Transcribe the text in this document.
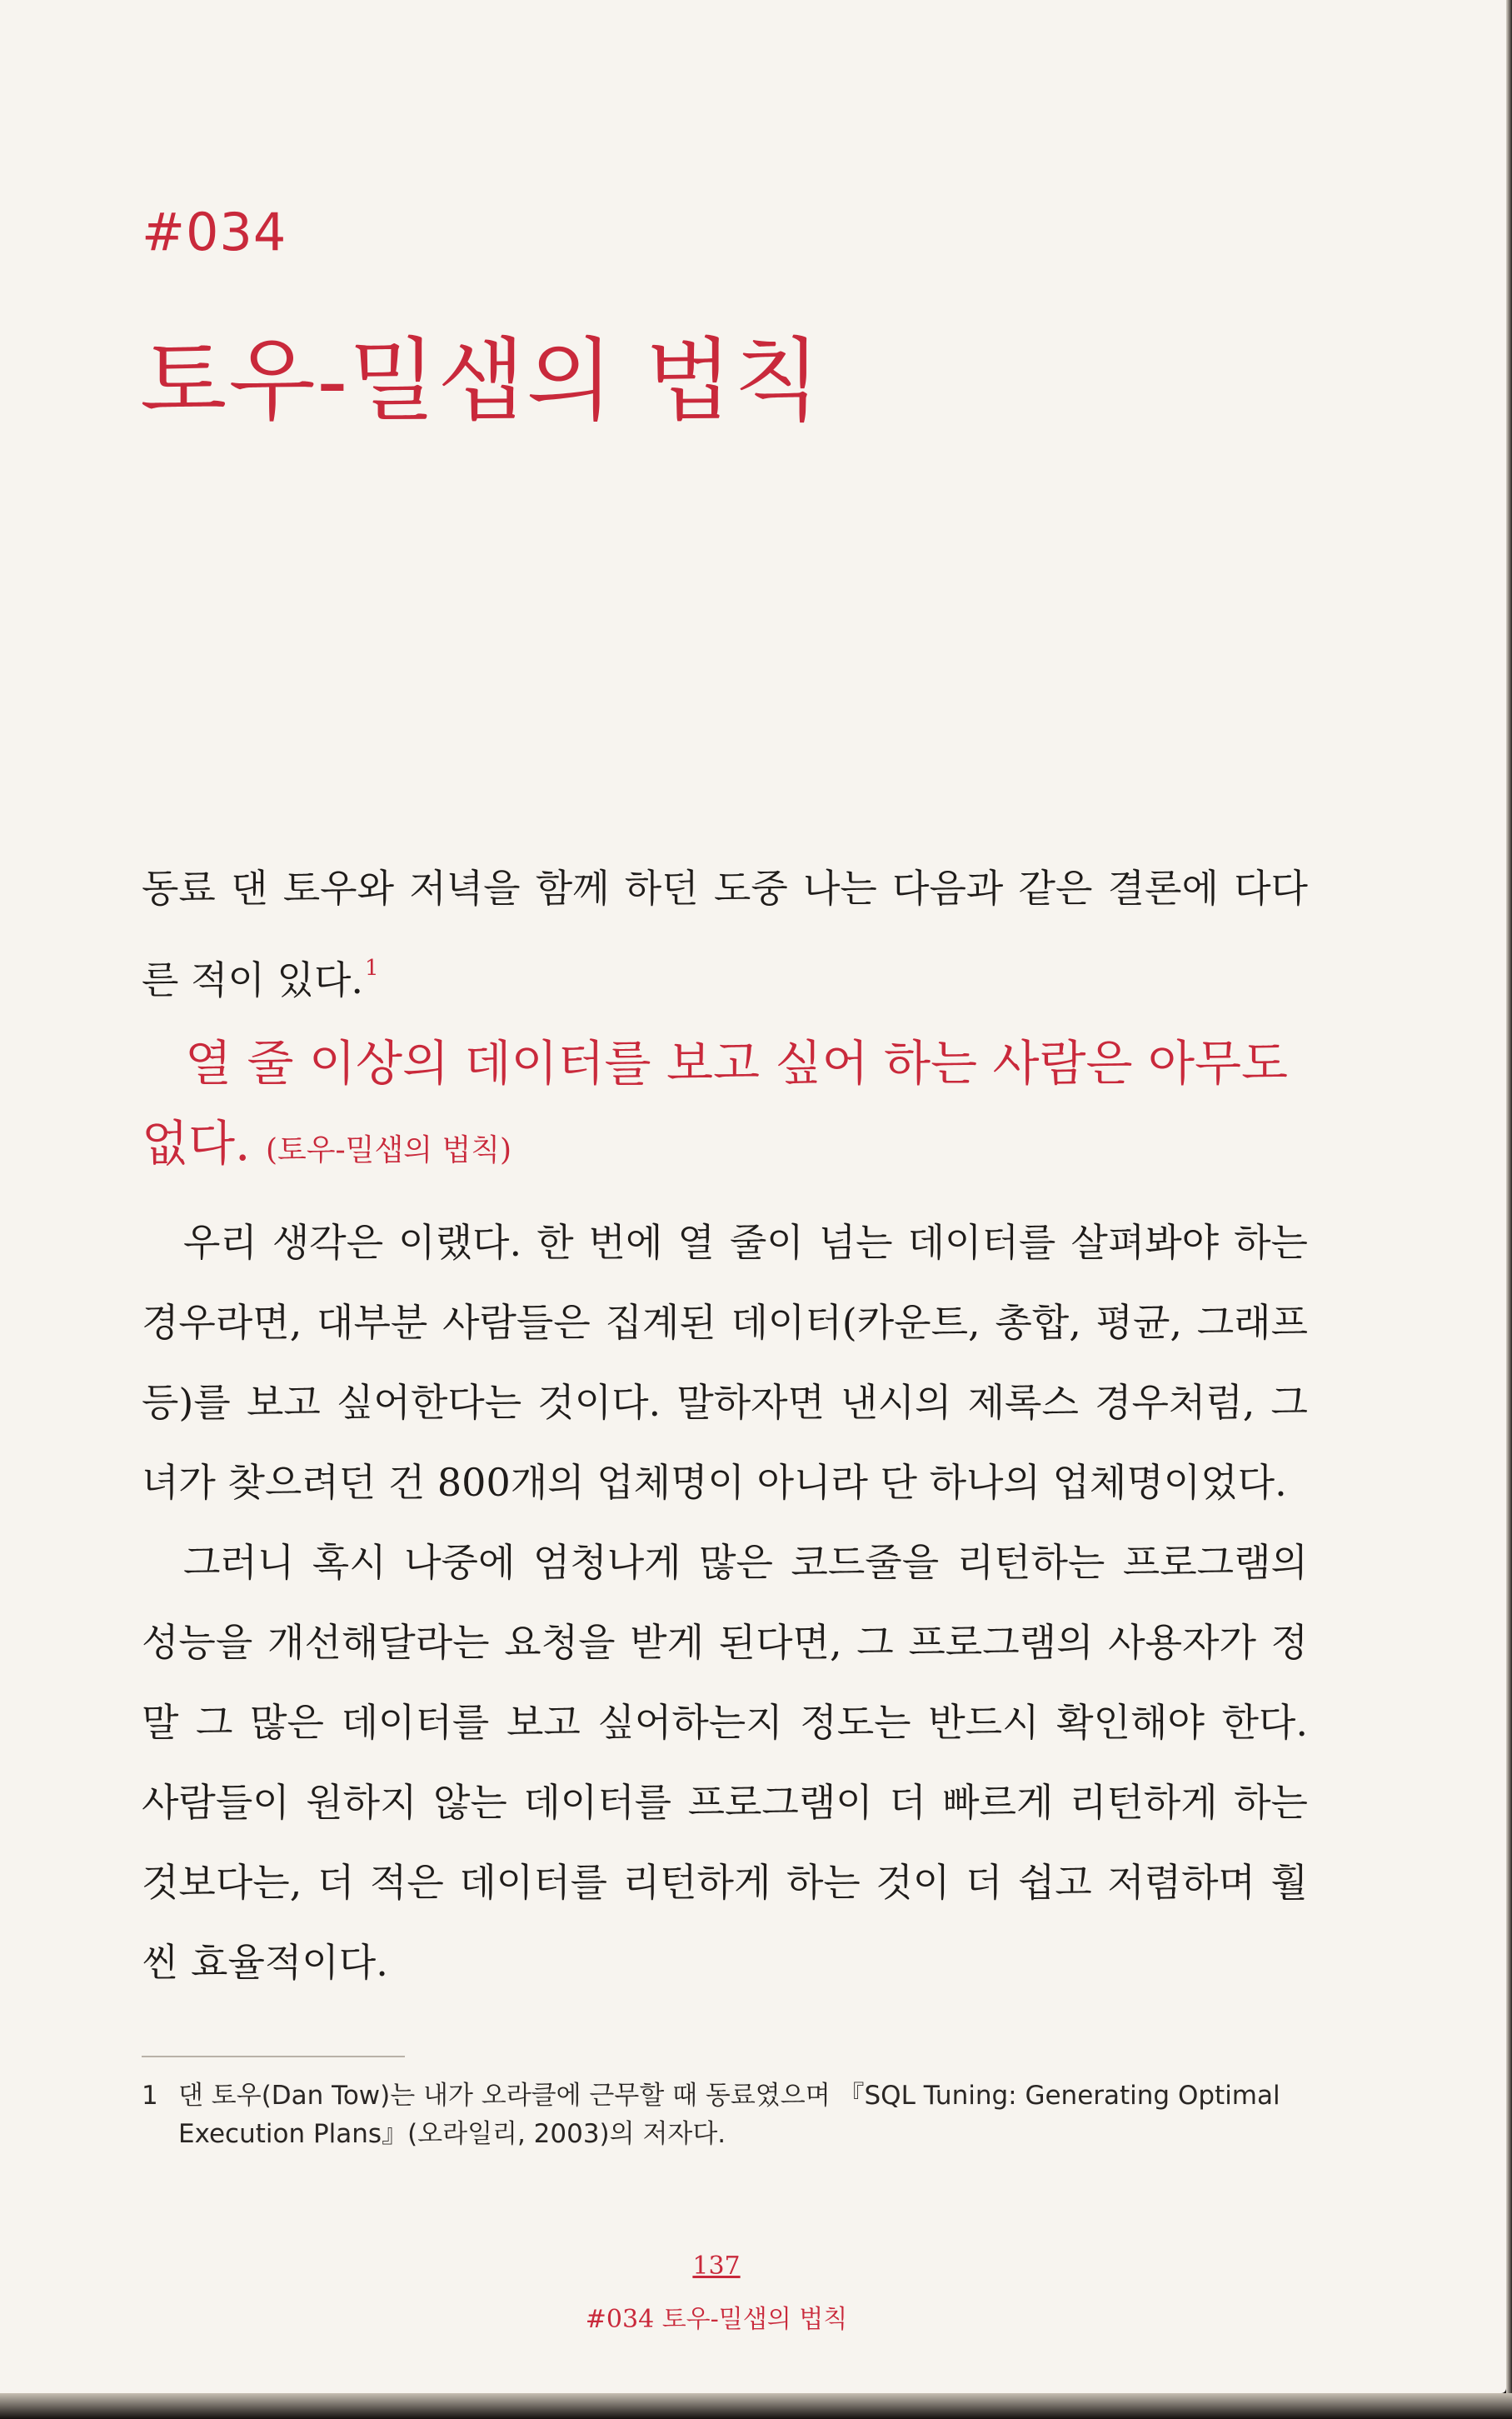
#034
토우-밀샙의 법칙
동료 댄 토우와 저녁을 함께 하던 도중 나는 다음과 같은 결론에 다다른 적이 있다.$^1$
열 줄 이상의 데이터를 보고 싶어 하는 사람은 아무도 없다. (토우-밀샙의 법칙)
우리 생각은 이랬다. 한 번에 열 줄이 넘는 데이터를 살펴봐야 하는 경우라면, 대부분 사람들은 집계된 데이터(카운트, 총합, 평균, 그래프 등)를 보고 싶어한다는 것이다. 말하자면 낸시의 제록스 경우처럼, 그녀가 찾으려던 건 800개의 업체명이 아니라 단 하나의 업체명이었다.
그러니 혹시 나중에 엄청나게 많은 코드줄을 리턴하는 프로그램의 성능을 개선해달라는 요청을 받게 된다면, 그 프로그램의 사용자가 정말 그 많은 데이터를 보고 싶어하는지 정도는 반드시 확인해야 한다. 사람들이 원하지 않는 데이터를 프로그램이 더 빠르게 리턴하게 하는 것보다는, 더 적은 데이터를 리턴하게 하는 것이 더 쉽고 저렴하며 훨씬 효율적이다.
1 댄 토우(Dan Tow)는 내가 오라클에 근무할 때 동료였으며 『SQL Tuning: Generating Optimal
Execution Plans』(오라일리, 2003)의 저자다.
137
#034 토우-밀샙의 법칙
